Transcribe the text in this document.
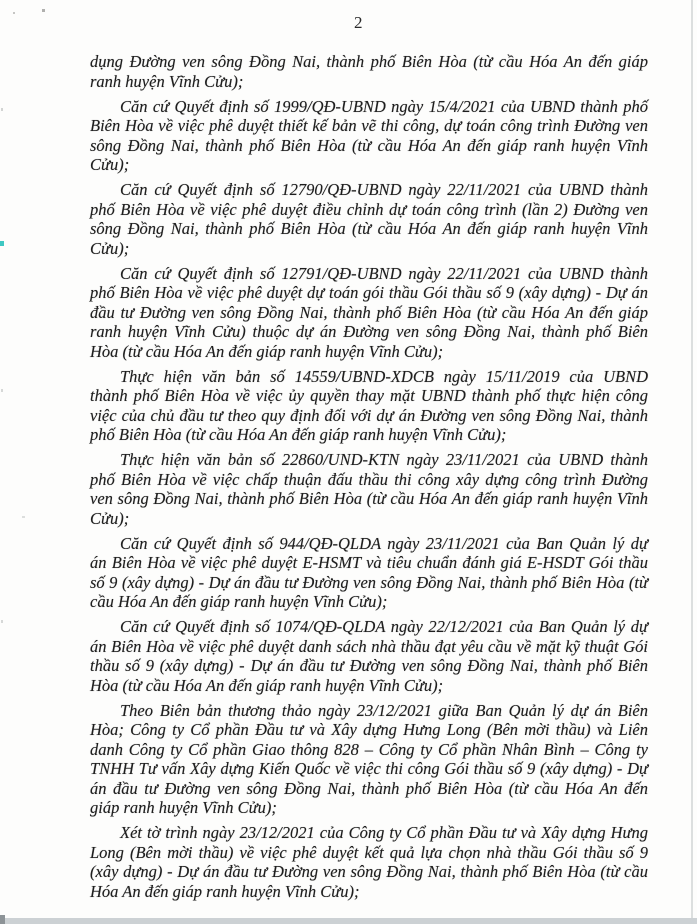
2
dụng Đường ven sông Đồng Nai, thành phố Biên Hòa (từ cầu Hóa An đến giáp
ranh huyện Vĩnh Cửu);
Căn cứ Quyết định số 1999/QĐ-UBND ngày 15/4/2021 của UBND thành phố
Biên Hòa về việc phê duyệt thiết kế bản vẽ thi công, dự toán công trình Đường ven
sông Đồng Nai, thành phố Biên Hòa (từ cầu Hóa An đến giáp ranh huyện Vĩnh
Cửu);
Căn cứ Quyết định số 12790/QĐ-UBND ngày 22/11/2021 của UBND thành
phố Biên Hòa về việc phê duyệt điều chỉnh dự toán công trình (lần 2) Đường ven
sông Đồng Nai, thành phố Biên Hòa (từ cầu Hóa An đến giáp ranh huyện Vĩnh
Cửu);
Căn cứ Quyết định số 12791/QĐ-UBND ngày 22/11/2021 của UBND thành
phố Biên Hòa về việc phê duyệt dự toán gói thầu Gói thầu số 9 (xây dựng) - Dự án
đầu tư Đường ven sông Đồng Nai, thành phố Biên Hòa (từ cầu Hóa An đến giáp
ranh huyện Vĩnh Cửu) thuộc dự án Đường ven sông Đồng Nai, thành phố Biên
Hòa (từ cầu Hóa An đến giáp ranh huyện Vĩnh Cửu);
Thực hiện văn bản số 14559/UBND-XDCB ngày 15/11/2019 của UBND
thành phố Biên Hòa về việc ủy quyền thay mặt UBND thành phố thực hiện công
việc của chủ đầu tư theo quy định đối với dự án Đường ven sông Đồng Nai, thành
phố Biên Hòa (từ cầu Hóa An đến giáp ranh huyện Vĩnh Cửu);
Thực hiện văn bản số 22860/UND-KTN ngày 23/11/2021 của UBND thành
phố Biên Hòa về việc chấp thuận đấu thầu thi công xây dựng công trình Đường
ven sông Đồng Nai, thành phố Biên Hòa (từ cầu Hóa An đến giáp ranh huyện Vĩnh
Cửu);
Căn cứ Quyết định số 944/QĐ-QLDA ngày 23/11/2021 của Ban Quản lý dự
án Biên Hòa về việc phê duyệt E-HSMT và tiêu chuẩn đánh giá E-HSDT Gói thầu
số 9 (xây dựng) - Dự án đầu tư Đường ven sông Đồng Nai, thành phố Biên Hòa (từ
cầu Hóa An đến giáp ranh huyện Vĩnh Cửu);
Căn cứ Quyết định số 1074/QĐ-QLDA ngày 22/12/2021 của Ban Quản lý dự
án Biên Hòa về việc phê duyệt danh sách nhà thầu đạt yêu cầu về mặt kỹ thuật Gói
thầu số 9 (xây dựng) - Dự án đầu tư Đường ven sông Đồng Nai, thành phố Biên
Hòa (từ cầu Hóa An đến giáp ranh huyện Vĩnh Cửu);
Theo Biên bản thương thảo ngày 23/12/2021 giữa Ban Quản lý dự án Biên
Hòa; Công ty Cổ phần Đầu tư và Xây dựng Hưng Long (Bên mời thầu) và Liên
danh Công ty Cổ phần Giao thông 828 – Công ty Cổ phần Nhân Bình – Công ty
TNHH Tư vấn Xây dựng Kiến Quốc về việc thi công Gói thầu số 9 (xây dựng) - Dự
án đầu tư Đường ven sông Đồng Nai, thành phố Biên Hòa (từ cầu Hóa An đến
giáp ranh huyện Vĩnh Cửu);
Xét tờ trình ngày 23/12/2021 của Công ty Cổ phần Đầu tư và Xây dựng Hưng
Long (Bên mời thầu) về việc phê duyệt kết quả lựa chọn nhà thầu Gói thầu số 9
(xây dựng) - Dự án đầu tư Đường ven sông Đồng Nai, thành phố Biên Hòa (từ cầu
Hóa An đến giáp ranh huyện Vĩnh Cửu);
